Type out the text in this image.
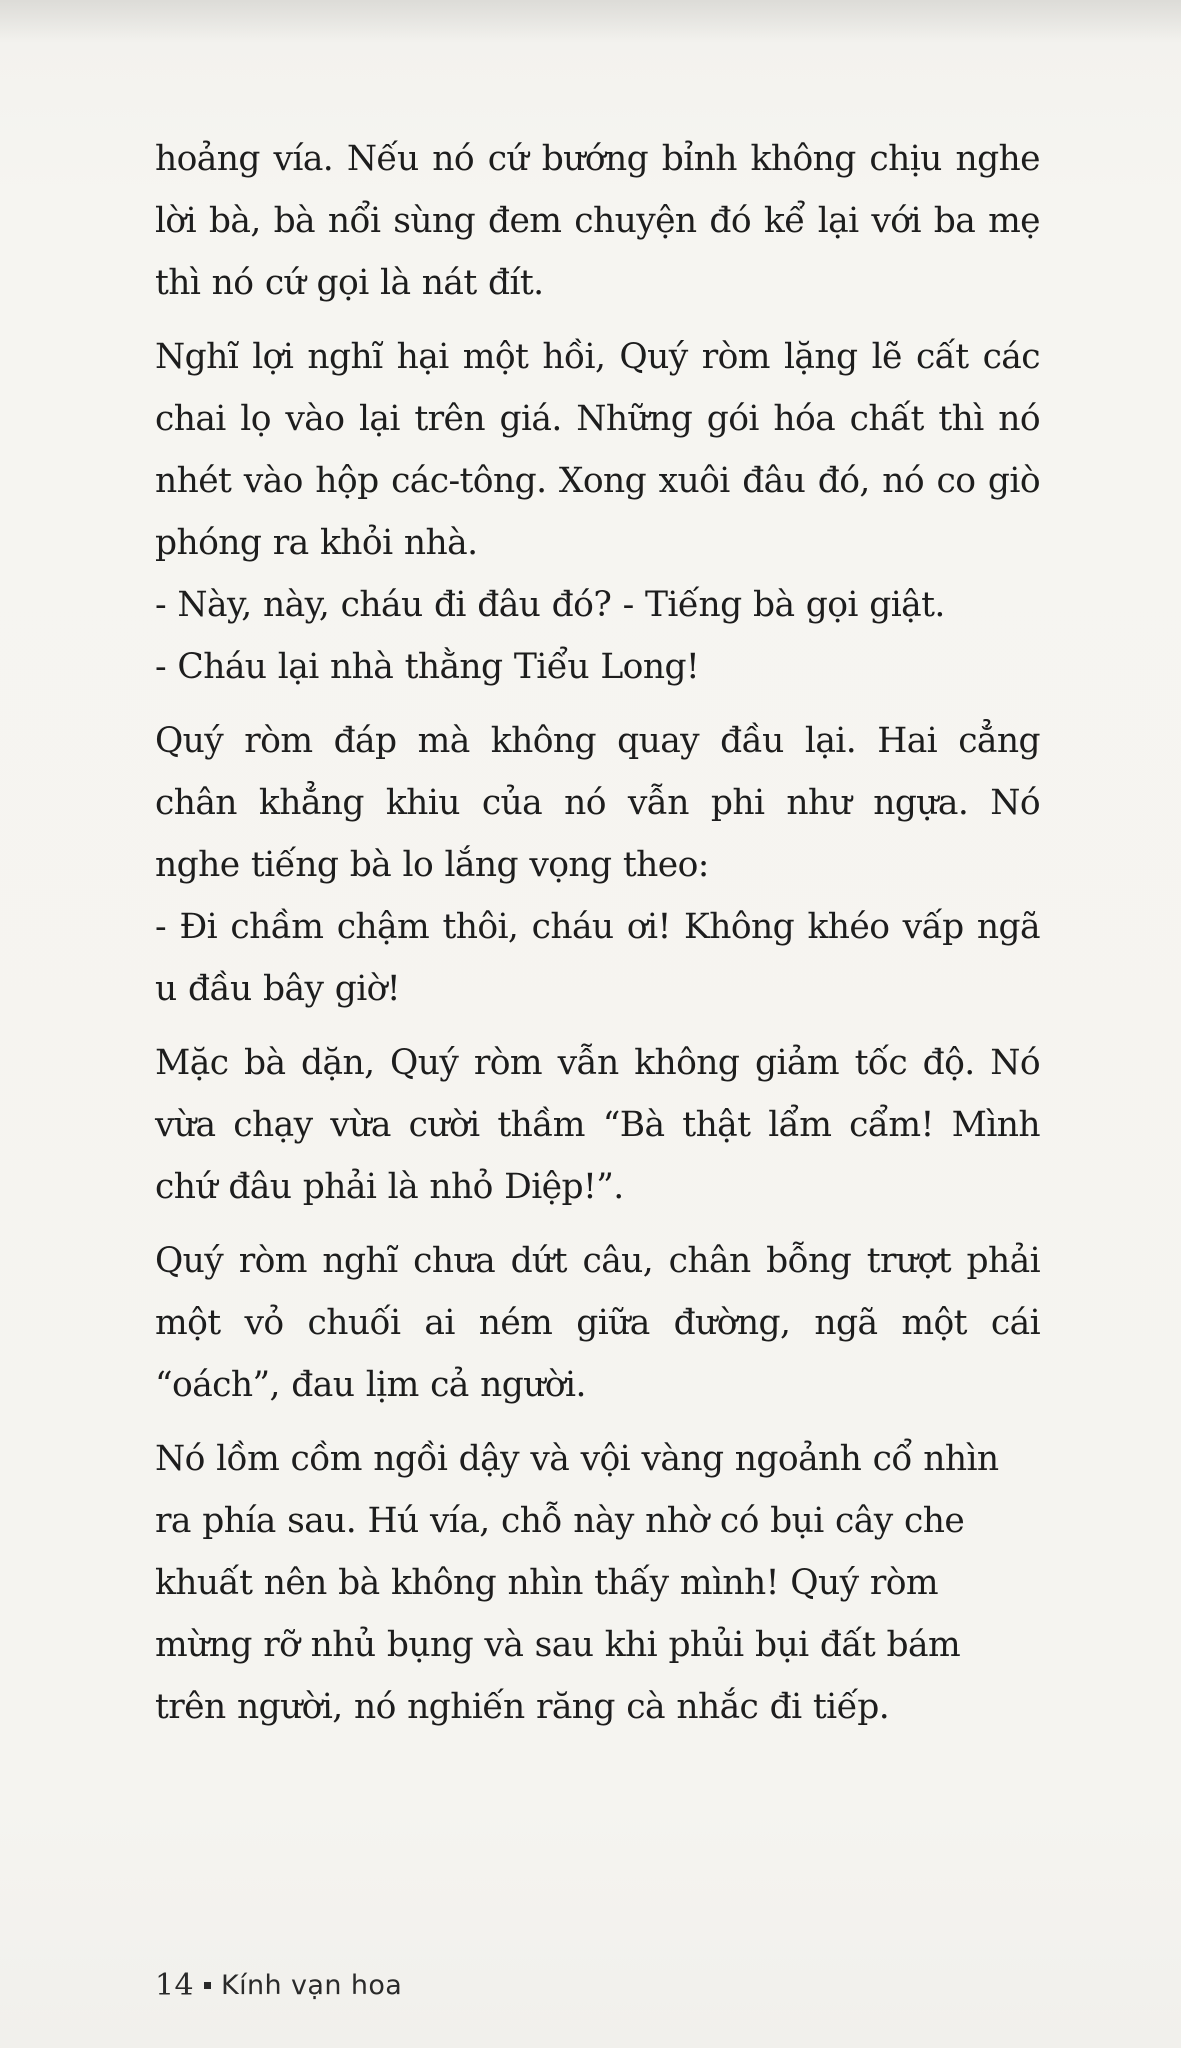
hoảng vía. Nếu nó cứ bướng bỉnh không chịu nghe lời bà, bà nổi sùng đem chuyện đó kể lại với ba mẹ thì nó cứ gọi là nát đít.

Nghĩ lợi nghĩ hại một hồi, Quý ròm lặng lẽ cất các chai lọ vào lại trên giá. Những gói hóa chất thì nó nhét vào hộp các-tông. Xong xuôi đâu đó, nó co giò phóng ra khỏi nhà.

- Này, này, cháu đi đâu đó? - Tiếng bà gọi giật.

- Cháu lại nhà thằng Tiểu Long!

Quý ròm đáp mà không quay đầu lại. Hai cẳng chân khẳng khiu của nó vẫn phi như ngựa. Nó nghe tiếng bà lo lắng vọng theo:

- Đi chầm chậm thôi, cháu ơi! Không khéo vấp ngã u đầu bây giờ!

Mặc bà dặn, Quý ròm vẫn không giảm tốc độ. Nó vừa chạy vừa cười thầm “Bà thật lẩm cẩm! Mình chứ đâu phải là nhỏ Diệp!”.

Quý ròm nghĩ chưa dứt câu, chân bỗng trượt phải một vỏ chuối ai ném giữa đường, ngã một cái “oách”, đau lịm cả người.

Nó lồm cồm ngồi dậy và vội vàng ngoảnh cổ nhìn ra phía sau. Hú vía, chỗ này nhờ có bụi cây che khuất nên bà không nhìn thấy mình! Quý ròm mừng rỡ nhủ bụng và sau khi phủi bụi đất bám trên người, nó nghiến răng cà nhắc đi tiếp.

14 Kính vạn hoa
